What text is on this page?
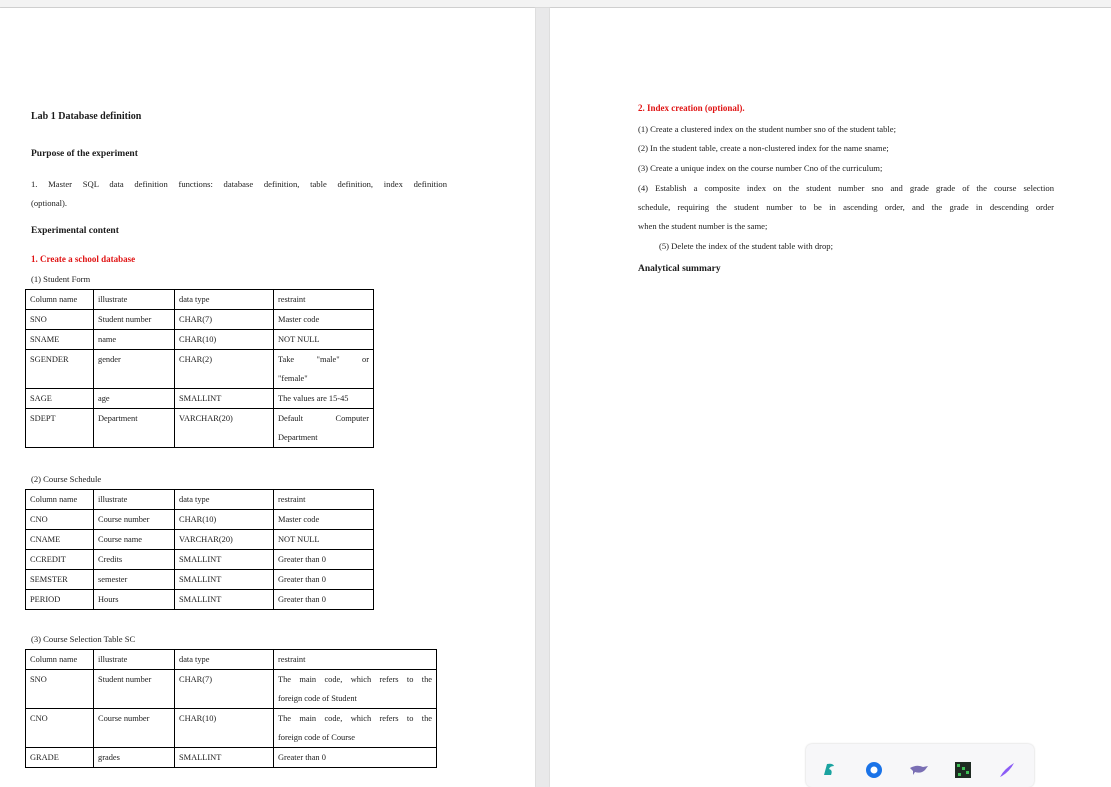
Lab 1 Database definition
Purpose of the experiment
1. Master SQL data definition functions: database definition, table definition, index definition
(optional).
Experimental content
1. Create a school database
(1) Student Form
Column name	illustrate	data type	restraint
SNO	Student number	CHAR(7)	Master code
SNAME	name	CHAR(10)	NOT NULL
SGENDER	gender	CHAR(2)	Take "male" or
"female"

SAGE	age	SMALLINT	The values are 15-45
SDEPT	Department	VARCHAR(20)	Default Computer
Department
(2) Course Schedule
Column name	illustrate	data type	restraint
CNO	Course number	CHAR(10)	Master code
CNAME	Course name	VARCHAR(20)	NOT NULL
CCREDIT	Credits	SMALLINT	Greater than 0
SEMSTER	semester	SMALLINT	Greater than 0
PERIOD	Hours	SMALLINT	Greater than 0
(3) Course Selection Table SC
Column name	illustrate	data type	restraint
SNO	Student number	CHAR(7)	The main code, which refers to the
foreign code of Student

CNO	Course number	CHAR(10)	The main code, which refers to the
foreign code of Course

GRADE	grades	SMALLINT	Greater than 0
2. Index creation (optional).
(1) Create a clustered index on the student number sno of the student table;
(2) In the student table, create a non-clustered index for the name sname;
(3) Create a unique index on the course number Cno of the curriculum;
(4) Establish a composite index on the student number sno and grade grade of the course selection
schedule, requiring the student number to be in ascending order, and the grade in descending order
when the student number is the same;
(5) Delete the index of the student table with drop;
Analytical summary
